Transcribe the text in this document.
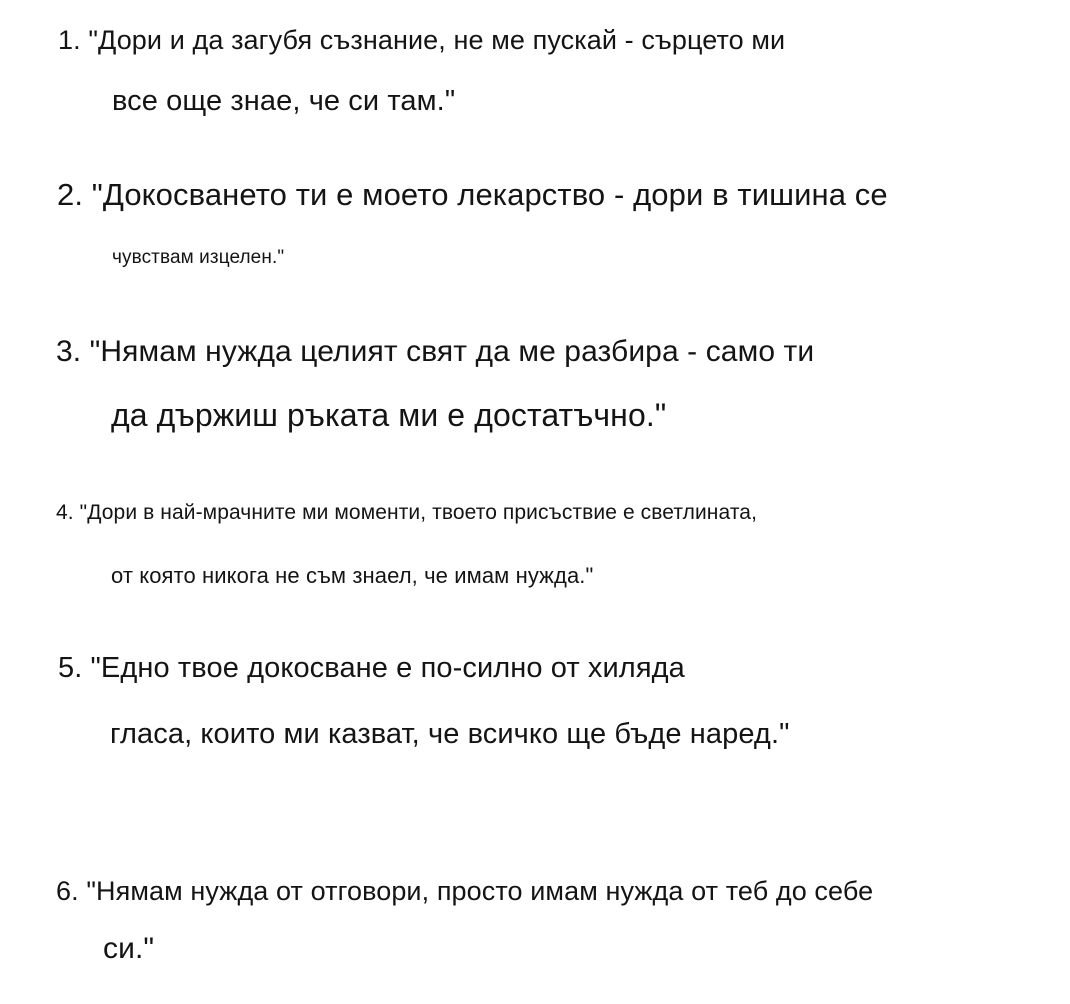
1. "Дори и да загубя съзнание, не ме пускай - сърцето ми
все още знае, че си там."
2. "Докосването ти е моето лекарство - дори в тишина се
чувствам изцелен."
3. "Нямам нужда целият свят да ме разбира - само ти
да държиш ръката ми е достатъчно."
4. "Дори в най-мрачните ми моменти, твоето присъствие е светлината,
от която никога не съм знаел, че имам нужда."
5. "Едно твое докосване е по-силно от хиляда
гласа, които ми казват, че всичко ще бъде наред."
6. "Нямам нужда от отговори, просто имам нужда от теб до себе
си."
